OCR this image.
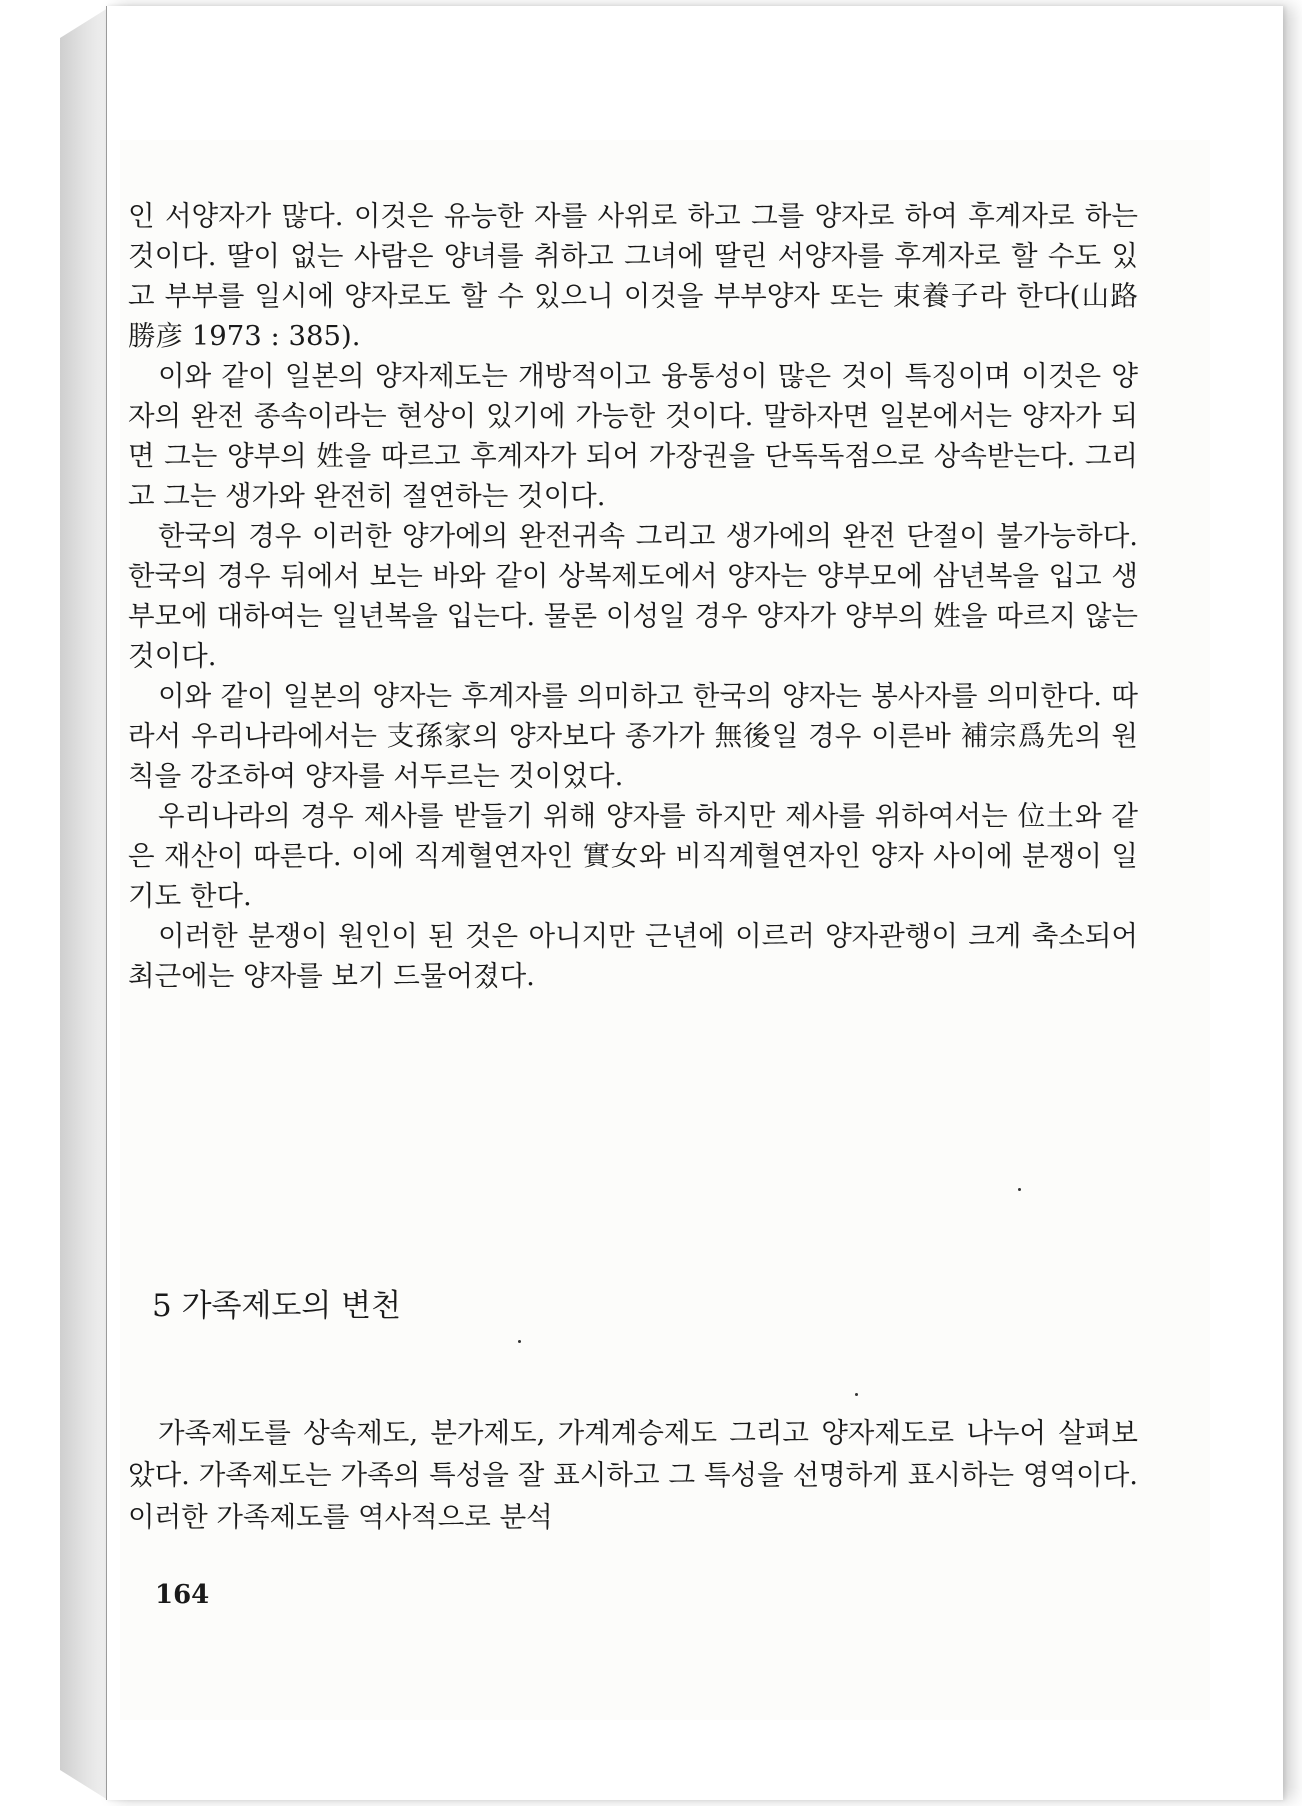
인 서양자가 많다. 이것은 유능한 자를 사위로 하고 그를 양자로 하여 후계자로 하는 것이다. 딸이 없는 사람은 양녀를 취하고 그녀에 딸린 서양자를 후계자로 할 수도 있고 부부를 일시에 양자로도 할 수 있으니 이것을 부부양자 또는 束養子라 한다(山路勝彦 1973 : 385).

이와 같이 일본의 양자제도는 개방적이고 융통성이 많은 것이 특징이며 이것은 양자의 완전 종속이라는 현상이 있기에 가능한 것이다. 말하자면 일본에서는 양자가 되면 그는 양부의 姓을 따르고 후계자가 되어 가장권을 단독독점으로 상속받는다. 그리고 그는 생가와 완전히 절연하는 것이다.

한국의 경우 이러한 양가에의 완전귀속 그리고 생가에의 완전 단절이 불가능하다. 한국의 경우 뒤에서 보는 바와 같이 상복제도에서 양자는 양부모에 삼년복을 입고 생부모에 대하여는 일년복을 입는다. 물론 이성일 경우 양자가 양부의 姓을 따르지 않는 것이다.

이와 같이 일본의 양자는 후계자를 의미하고 한국의 양자는 봉사자를 의미한다. 따라서 우리나라에서는 支孫家의 양자보다 종가가 無後일 경우 이른바 補宗爲先의 원칙을 강조하여 양자를 서두르는 것이었다.

우리나라의 경우 제사를 받들기 위해 양자를 하지만 제사를 위하여서는 位土와 같은 재산이 따른다. 이에 직계혈연자인 實女와 비직계혈연자인 양자 사이에 분쟁이 일기도 한다.

이러한 분쟁이 원인이 된 것은 아니지만 근년에 이르러 양자관행이 크게 축소되어 최근에는 양자를 보기 드물어졌다.

5 가족제도의 변천

가족제도를 상속제도, 분가제도, 가계계승제도 그리고 양자제도로 나누어 살펴보았다. 가족제도는 가족의 특성을 잘 표시하고 그 특성을 선명하게 표시하는 영역이다. 이러한 가족제도를 역사적으로 분석

164
